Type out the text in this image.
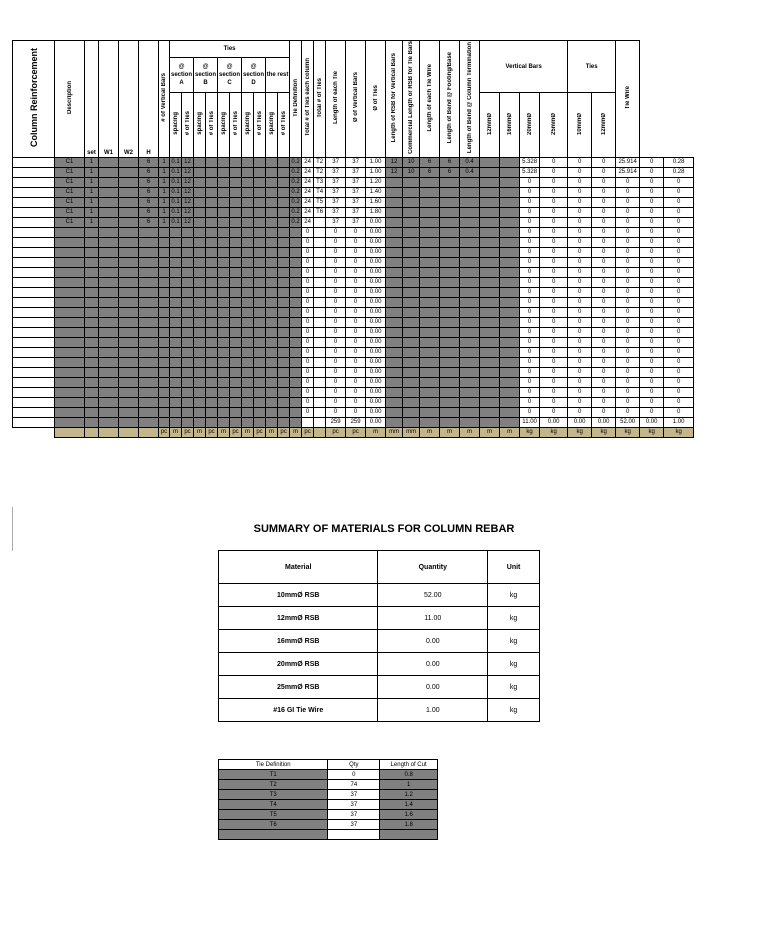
Column Reinforcement	Description	set	W1	W2	H	# of Vertical Bars	Ties										Tie Definition	Total # of Ties each column	Total # of Ties	Length of each Tie	Ø of Vertical Bars	Ø of Ties	Length of RSB for Vertical Bars	Commercial Length or RSB for Tie Bars	Length of each Tie Wire	Length of Bend @ Footing/Base	Length of Bend @ Column Termination	Vertical Bars				Ties		Tie Wire		
							@ section A		@ section B		@ section C		@ section D		the rest																					
							spacing	# of Ties	spacing	# of Ties	spacing	# of Ties	spacing	# of Ties	spacing	# of Ties												12mmØ	16mmØ	20mmØ	25mmØ	10mmØ	12mmØ			
	C1	1			6	1	0.1	12									0.2	24	T2	37	37	1.00	12	10	6	6	0.4			5.328	0	0	0	25.914	0	0.28
	C1	1			6	1	0.1	12									0.2	24	T2	37	37	1.00	12	10	6	6	0.4			5.328	0	0	0	25.914	0	0.28
	C1	1			6	1	0.1	12									0.2	24	T3	37	37	1.20								0	0	0	0	0	0	0
	C1	1			6	1	0.1	12									0.2	24	T4	37	37	1.40								0	0	0	0	0	0	0
	C1	1			6	1	0.1	12									0.2	24	T5	37	37	1.60								0	0	0	0	0	0	0
	C1	1			6	1	0.1	12									0.2	24	T6	37	37	1.80								0	0	0	0	0	0	0
	C1	1			6	1	0.1	12									0.2	24		37	37	0.00								0	0	0	0	0	0	0
																		0		0	0	0.00								0	0	0	0	0	0	0
																		0		0	0	0.00								0	0	0	0	0	0	0
																		0		0	0	0.00								0	0	0	0	0	0	0
																		0		0	0	0.00								0	0	0	0	0	0	0
																		0		0	0	0.00								0	0	0	0	0	0	0
																		0		0	0	0.00								0	0	0	0	0	0	0
																		0		0	0	0.00								0	0	0	0	0	0	0
																		0		0	0	0.00								0	0	0	0	0	0	0
																		0		0	0	0.00								0	0	0	0	0	0	0
																		0		0	0	0.00								0	0	0	0	0	0	0
																		0		0	0	0.00								0	0	0	0	0	0	0
																		0		0	0	0.00								0	0	0	0	0	0	0
																		0		0	0	0.00								0	0	0	0	0	0	0
																		0		0	0	0.00								0	0	0	0	0	0	0
																		0		0	0	0.00								0	0	0	0	0	0	0
																		0		0	0	0.00								0	0	0	0	0	0	0
																		0		0	0	0.00								0	0	0	0	0	0	0
																		0		0	0	0.00								0	0	0	0	0	0	0
																		0		0	0	0.00								0	0	0	0	0	0	0
																				259	259	0.00								11.00	0.00	0.00	0.00	52.00	0.00	1.00
						pc	m	pc	m	pc	m	pc	m	pc	m	pc	m	pc		pc	pc	m	mm	mm	m	m	m	m	m	kg	kg	kg	kg	kg	kg	kg
SUMMARY OF MATERIALS FOR COLUMN REBAR
Material	Quantity	Unit
10mmØ RSB	52.00	kg
12mmØ RSB	11.00	kg
16mmØ RSB	0.00	kg
20mmØ RSB	0.00	kg
25mmØ RSB	0.00	kg
#16 GI Tie Wire	1.00	kg
Tie Definition	Qty	Length of Cut
T1	0	0.8
T2	74	1
T3	37	1.2
T4	37	1.4
T5	37	1.6
T6	37	1.8
